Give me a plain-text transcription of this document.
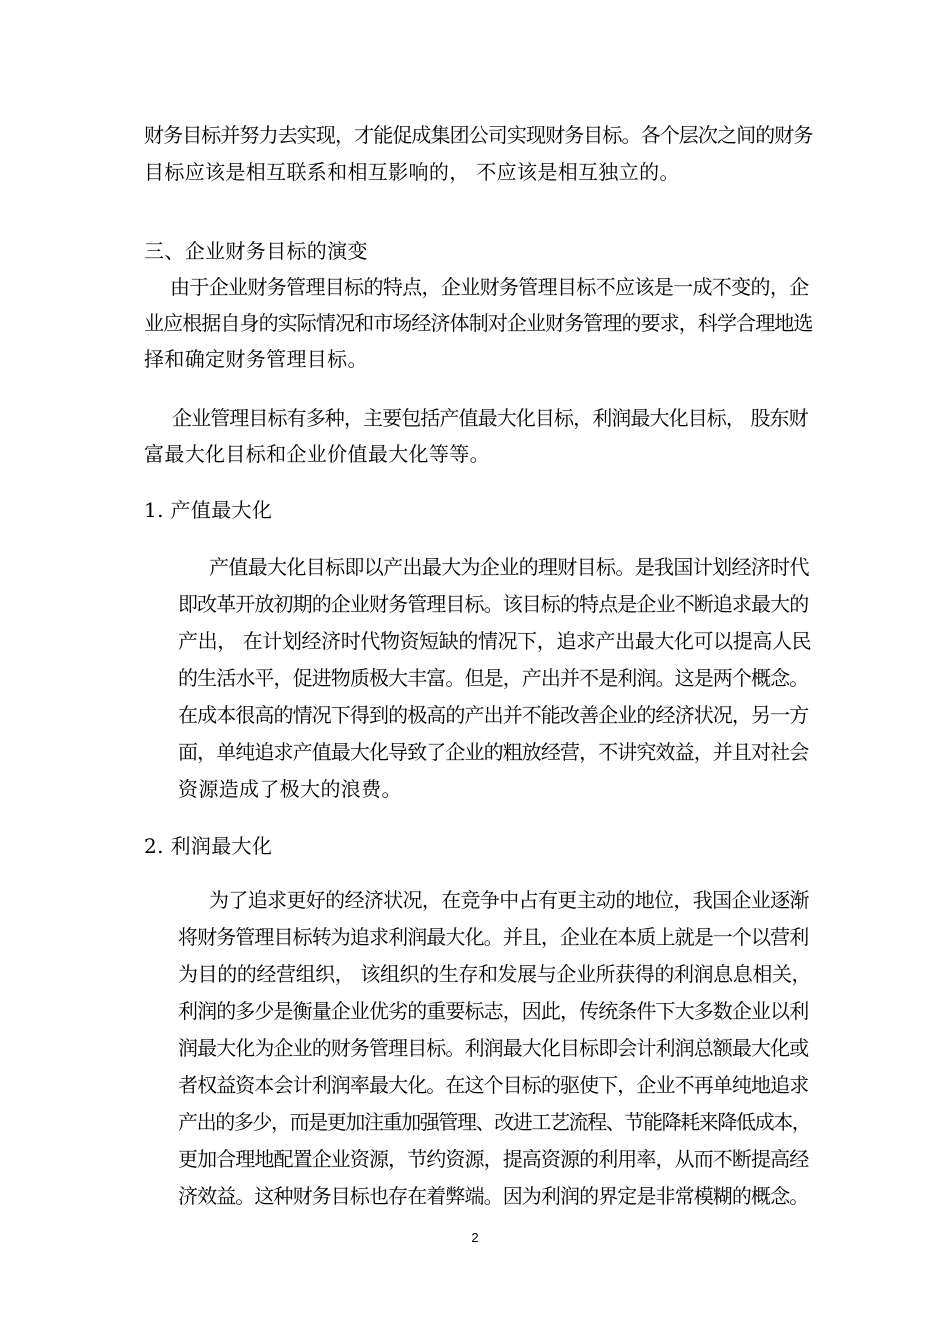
财务目标并努力去实现，才能促成集团公司实现财务目标。各个层次之间的财务
目标应该是相互联系和相互影响的， 不应该是相互独立的。
三、企业财务目标的演变
由于企业财务管理目标的特点，企业财务管理目标不应该是一成不变的，企
业应根据自身的实际情况和市场经济体制对企业财务管理的要求，科学合理地选
择和确定财务管理目标。
企业管理目标有多种，主要包括产值最大化目标，利润最大化目标， 股东财
富最大化目标和企业价值最大化等等。
1. 产值最大化
产值最大化目标即以产出最大为企业的理财目标。是我国计划经济时代
即改革开放初期的企业财务管理目标。该目标的特点是企业不断追求最大的
产出， 在计划经济时代物资短缺的情况下，追求产出最大化可以提高人民
的生活水平，促进物质极大丰富。但是，产出并不是利润。这是两个概念。
在成本很高的情况下得到的极高的产出并不能改善企业的经济状况，另一方
面，单纯追求产值最大化导致了企业的粗放经营，不讲究效益，并且对社会
资源造成了极大的浪费。
2. 利润最大化
为了追求更好的经济状况，在竞争中占有更主动的地位，我国企业逐渐
将财务管理目标转为追求利润最大化。并且，企业在本质上就是一个以营利
为目的的经营组织， 该组织的生存和发展与企业所获得的利润息息相关，
利润的多少是衡量企业优劣的重要标志，因此，传统条件下大多数企业以利
润最大化为企业的财务管理目标。利润最大化目标即会计利润总额最大化或
者权益资本会计利润率最大化。在这个目标的驱使下，企业不再单纯地追求
产出的多少，而是更加注重加强管理、改进工艺流程、节能降耗来降低成本，
更加合理地配置企业资源，节约资源，提高资源的利用率，从而不断提高经
济效益。这种财务目标也存在着弊端。因为利润的界定是非常模糊的概念。
2
